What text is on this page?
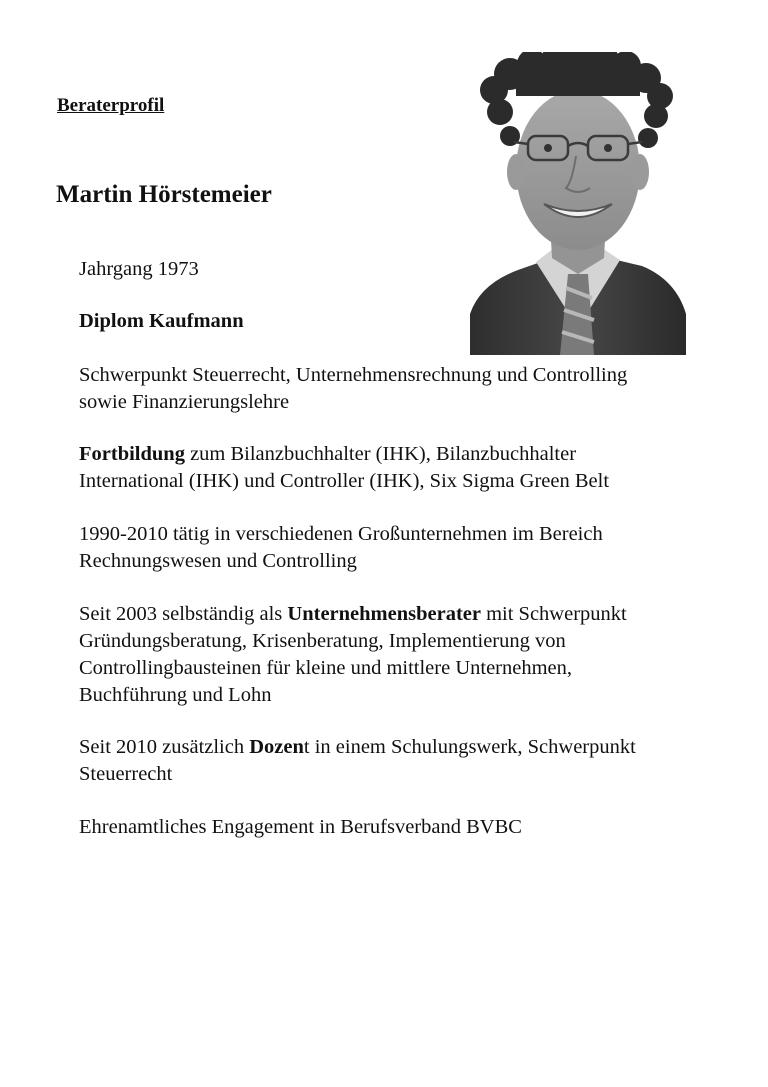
Beraterprofil

Martin Hörstemeier

Jahrgang 1973

Diplom Kaufmann

Schwerpunkt Steuerrecht, Unternehmensrechnung und Controlling
sowie Finanzierungslehre

Fortbildung zum Bilanzbuchhalter (IHK), Bilanzbuchhalter
International (IHK) und Controller (IHK), Six Sigma Green Belt

1990-2010 tätig in verschiedenen Großunternehmen im Bereich
Rechnungswesen und Controlling

Seit 2003 selbständig als Unternehmensberater mit Schwerpunkt
Gründungsberatung, Krisenberatung, Implementierung von
Controllingbausteinen für kleine und mittlere Unternehmen,
Buchführung und Lohn

Seit 2010 zusätzlich Dozent in einem Schulungswerk, Schwerpunkt
Steuerrecht

Ehrenamtliches Engagement in Berufsverband BVBC
